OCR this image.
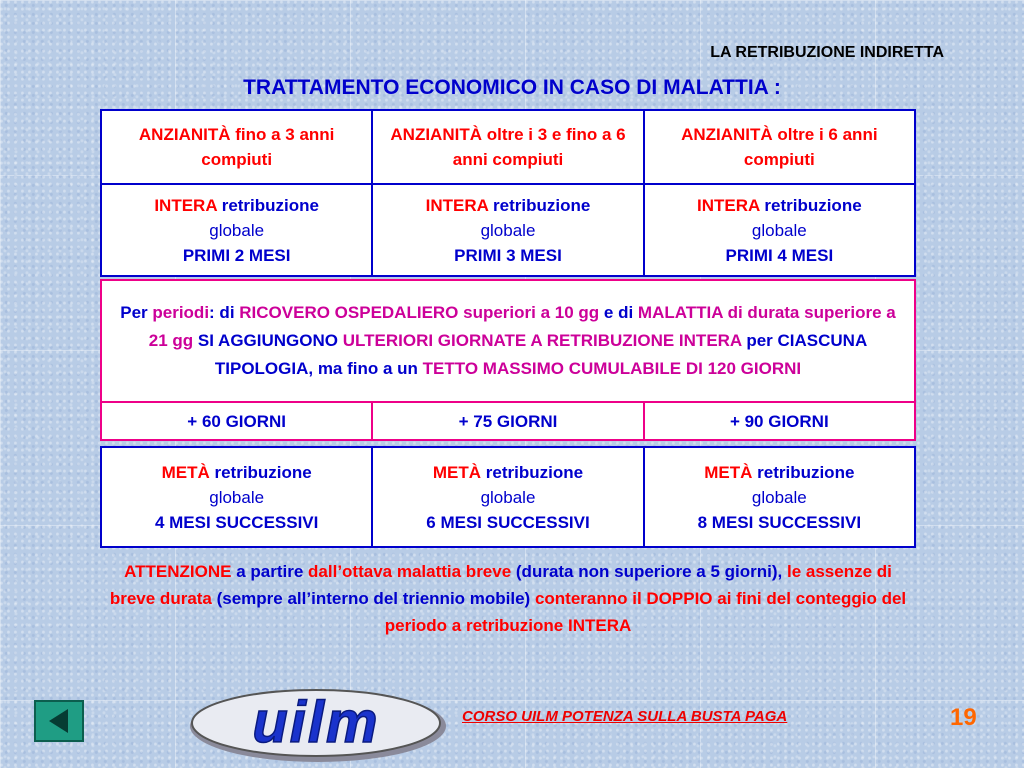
LA RETRIBUZIONE INDIRETTA
TRATTAMENTO ECONOMICO IN CASO DI MALATTIA :
ANZIANITÀ fino a 3 anni compiuti	ANZIANITÀ oltre i 3 e fino a 6 anni compiuti	ANZIANITÀ oltre i 6 anni compiuti
INTERA retribuzione
globale
PRIMI 2 MESI	INTERA retribuzione
globale
PRIMI 3 MESI	INTERA retribuzione
globale
PRIMI 4 MESI
Per periodi: di RICOVERO OSPEDALIERO superiori a 10 gg e di MALATTIA di durata superiore a 21 gg SI AGGIUNGONO ULTERIORI GIORNATE A RETRIBUZIONE INTERA per CIASCUNA TIPOLOGIA, ma fino a un TETTO MASSIMO CUMULABILE DI 120 GIORNI
+ 60 GIORNI	+ 75 GIORNI	+ 90 GIORNI
METÀ retribuzione
globale
4 MESI SUCCESSIVI	METÀ retribuzione
globale
6 MESI SUCCESSIVI	METÀ retribuzione
globale
8 MESI SUCCESSIVI
ATTENZIONE a partire dall’ottava malattia breve (durata non superiore a 5 giorni), le assenze di breve durata (sempre all’interno del triennio mobile) conteranno il DOPPIO ai fini del conteggio del periodo a retribuzione INTERA
uilm	CORSO UILM POTENZA SULLA BUSTA PAGA	19
